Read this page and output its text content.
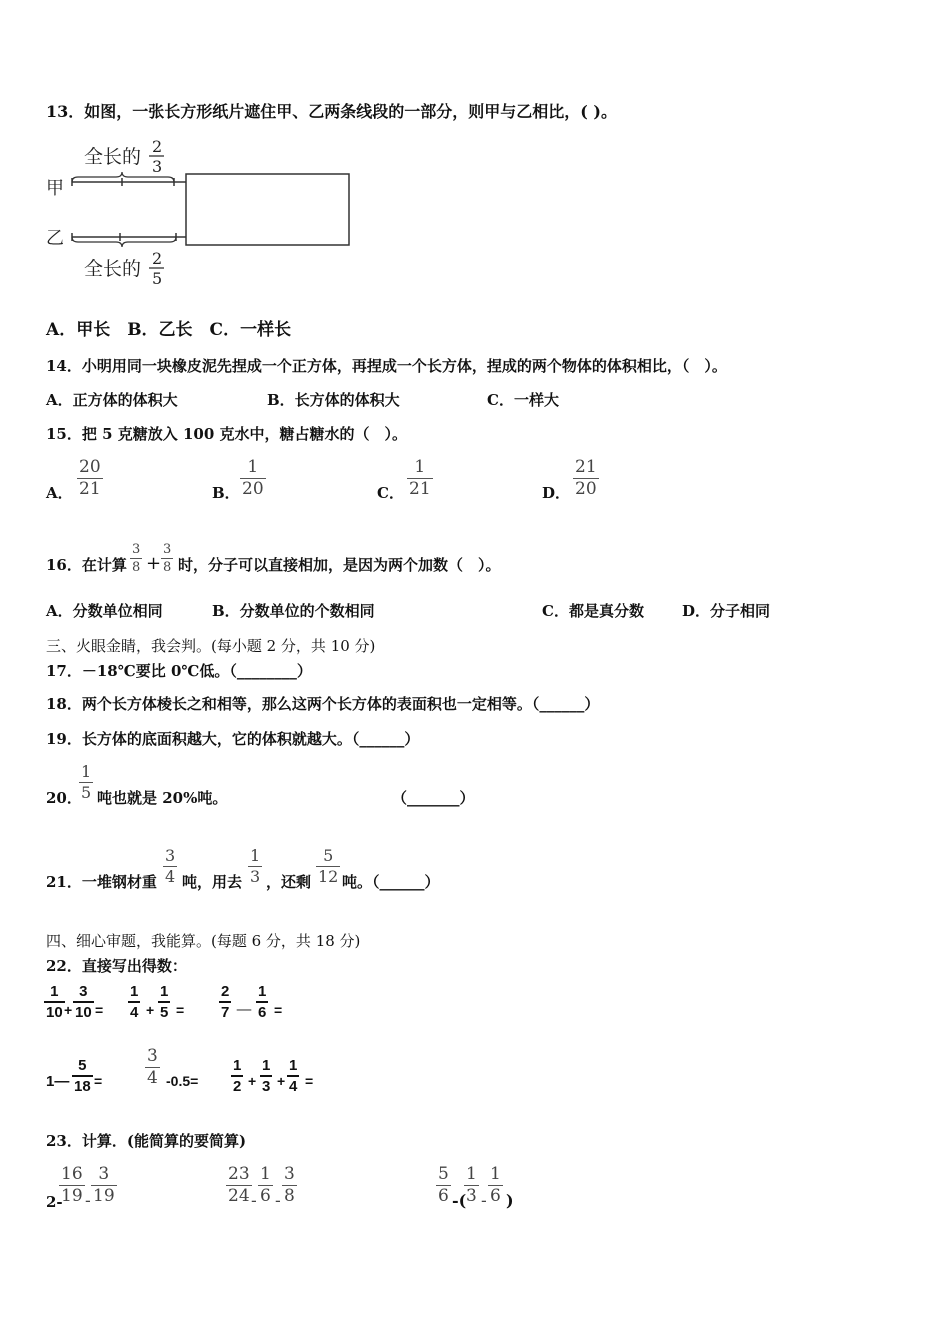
13．如图，一张长方形纸片遮住甲、乙两条线段的一部分，则甲与乙相比，( )。
甲
乙
全长的 2
3
全长的 2
5
A．甲长　B．乙长　C．一样长
14．小明用同一块橡皮泥先捏成一个正方体，再捏成一个长方体，捏成的两个物体的体积相比，（　）。
A．正方体的体积大	B．长方体的体积大	C．一样大
15．把 5 克糖放入 100 克水中，糖占糖水的（　）。
A．
20
21	B．
1
20	C．
1
21	D．
21
20
16．在计算
3
8 +
3
8 时，分子可以直接相加，是因为两个加数（　）。
A．分数单位相同	B．分数单位的个数相同	C．都是真分数	D．分子相同
三、火眼金睛，我会判。(每小题 2 分，共 10 分)
17．－18℃要比 0℃低。（________）
18．两个长方体棱长之和相等，那么这两个长方体的表面积也一定相等。（______）
19．长方体的底面积越大，它的体积就越大。（______）
20．
1
5 吨也就是 20%吨。	（_______）
21．一堆钢材重
3
4 吨，用去
1
3 ，还剩
5
12 吨。（______）
四、细心审题，我能算。(每题 6 分，共 18 分)
22．直接写出得数：
1
10 +
3
10 =
1
4 +
1
5 =
2
7 —
1
6 =
1—
5
18 =
3
4 -0.5=
1
2 +
1
3 +
1
4 =
23．计算．(能简算的要简算)
2-
16
19 -
3
19
23
24 -
1
6 -
3
8
5
6 -(
1
3 -
1
6 )
